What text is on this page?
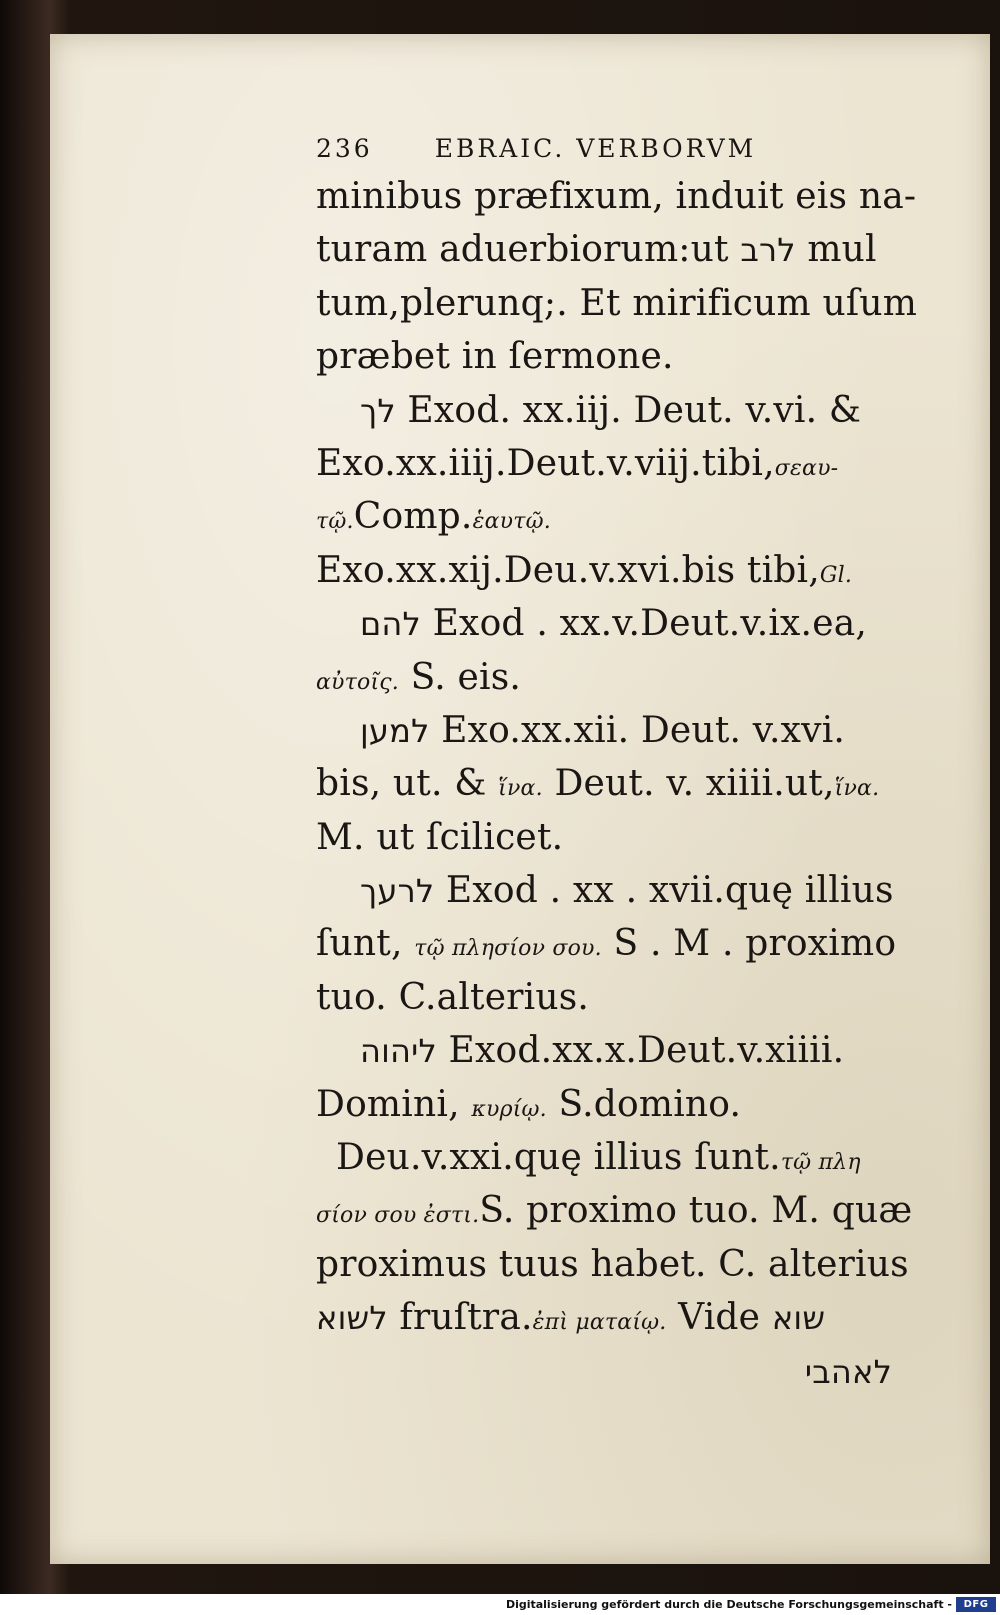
236 EBRAIC. VERBORVM
minibus præfixum, induit eis na-
turam aduerbiorum:ut לרב mul
tum,plerunq;. Et mirificum uſum
præbet in ſermone.
לך Exod. xx.iij. Deut. v.vi. &
Exo.xx.iiij.Deut.v.viij.tibi,σεαυ-
τῷ.Comp.ἑαυτῷ.
Exo.xx.xij.Deu.v.xvi.bis tibi,Gl.
להם Exod . xx.v.Deut.v.ix.ea,
αὐτοῖς. S. eis.
למען Exo.xx.xii. Deut. v.xvi.
bis, ut. & ἵνα. Deut. v. xiiii.ut,ἵνα.
M. ut ſcilicet.
לרעך Exod . xx . xvii.quę illius
ſunt, τῷ πλησίον σου. S . M . proximo
tuo. C.alterius.
ליהוה Exod.xx.x.Deut.v.xiiii.
Domini, κυρίῳ. S.domino.
Deu.v.xxi.quę illius ſunt.τῷ πλη
σίον σου ἐστι.S. proximo tuo. M. quæ
proximus tuus habet. C. alterius
לשוא fruſtra.ἐπὶ ματαίῳ. Vide שוא
לאהבי
Digitalisierung gefördert durch die Deutsche Forschungsgemeinschaft -	DFG
